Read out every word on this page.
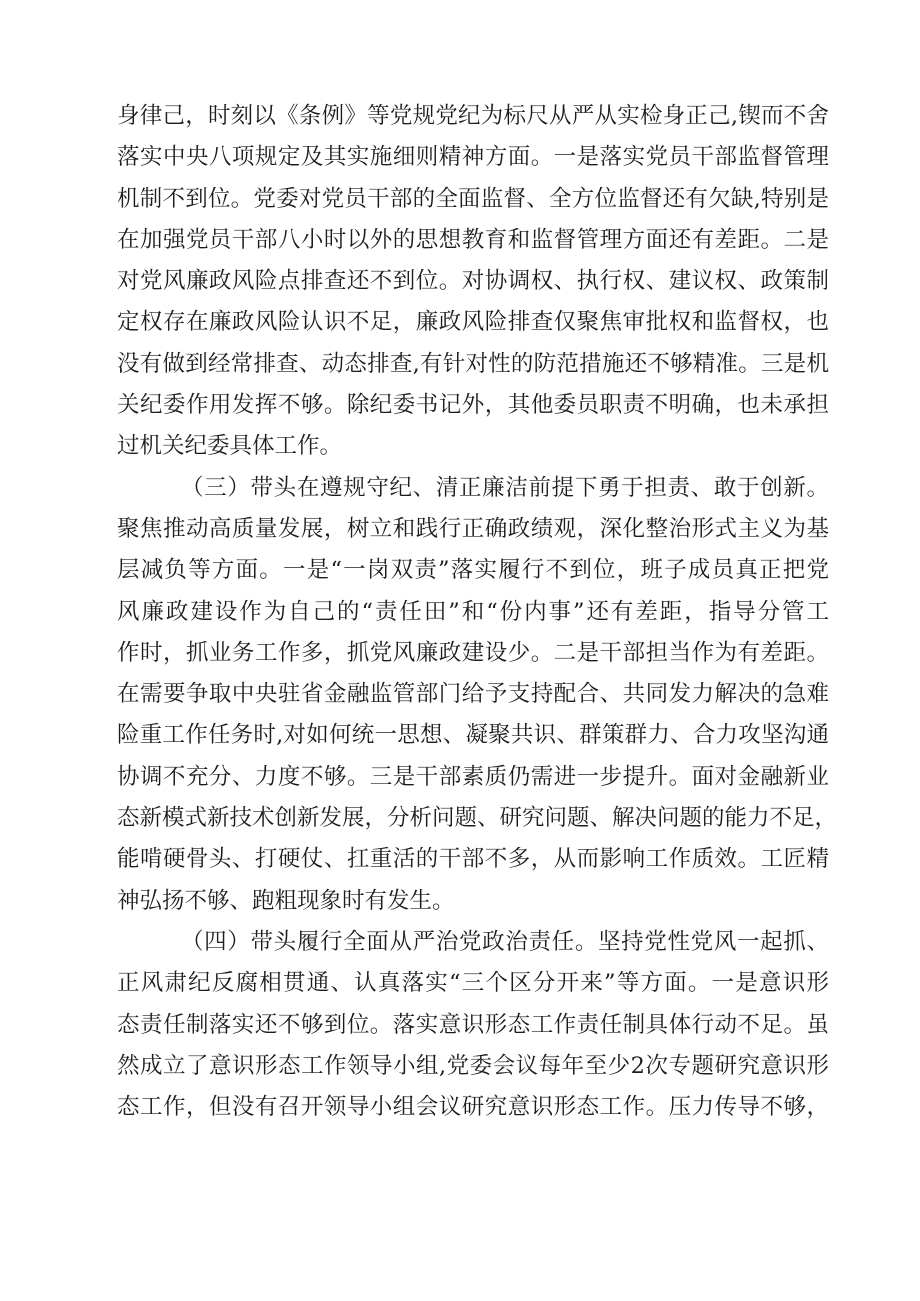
身律己，时刻以《条例》等党规党纪为标尺从严从实检身正己,锲而不舍
落实中央八项规定及其实施细则精神方面。一是落实党员干部监督管理
机制不到位。党委对党员干部的全面监督、全方位监督还有欠缺,特别是
在加强党员干部八小时以外的思想教育和监督管理方面还有差距。二是
对党风廉政风险点排查还不到位。对协调权、执行权、建议权、政策制
定权存在廉政风险认识不足，廉政风险排查仅聚焦审批权和监督权，也
没有做到经常排查、动态排查,有针对性的防范措施还不够精准。三是机
关纪委作用发挥不够。除纪委书记外，其他委员职责不明确，也未承担
过机关纪委具体工作。
（三）带头在遵规守纪、清正廉洁前提下勇于担责、敢于创新。
聚焦推动高质量发展，树立和践行正确政绩观，深化整治形式主义为基
层减负等方面。一是“一岗双责”落实履行不到位，班子成员真正把党
风廉政建设作为自己的“责任田”和“份内事”还有差距，指导分管工
作时，抓业务工作多，抓党风廉政建设少。二是干部担当作为有差距。
在需要争取中央驻省金融监管部门给予支持配合、共同发力解决的急难
险重工作任务时,对如何统一思想、凝聚共识、群策群力、合力攻坚沟通
协调不充分、力度不够。三是干部素质仍需进一步提升。面对金融新业
态新模式新技术创新发展，分析问题、研究问题、解决问题的能力不足，
能啃硬骨头、打硬仗、扛重活的干部不多，从而影响工作质效。工匠精
神弘扬不够、跑粗现象时有发生。
（四）带头履行全面从严治党政治责任。坚持党性党风一起抓、
正风肃纪反腐相贯通、认真落实“三个区分开来”等方面。一是意识形
态责任制落实还不够到位。落实意识形态工作责任制具体行动不足。虽
然成立了意识形态工作领导小组,党委会议每年至少2次专题研究意识形
态工作，但没有召开领导小组会议研究意识形态工作。压力传导不够，
